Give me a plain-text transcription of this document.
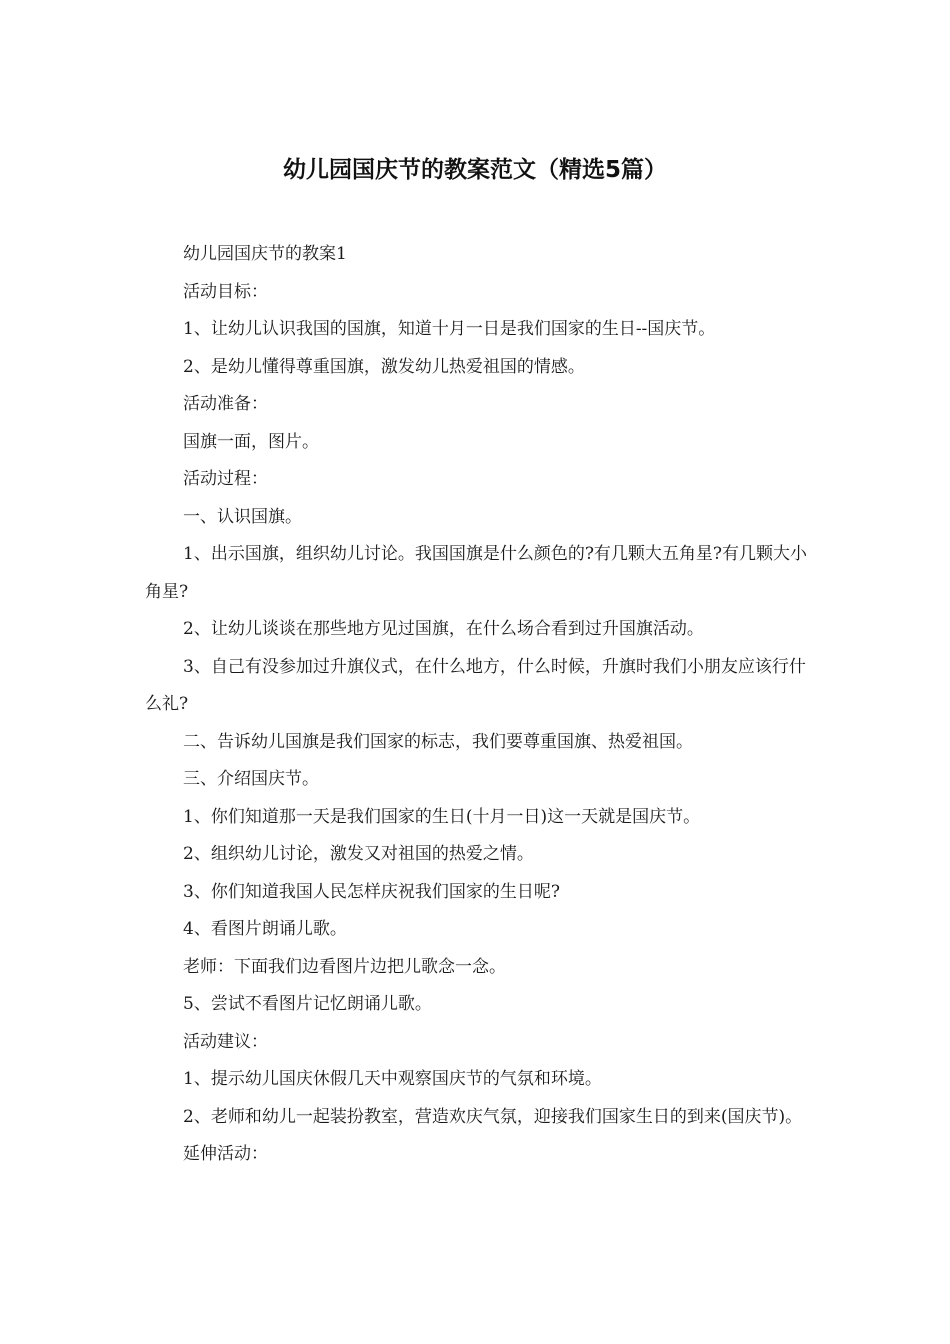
幼儿园国庆节的教案范文（精选5篇）

幼儿园国庆节的教案1

活动目标：

1、让幼儿认识我国的国旗，知道十月一日是我们国家的生日--国庆节。

2、是幼儿懂得尊重国旗，激发幼儿热爱祖国的情感。

活动准备：

国旗一面，图片。

活动过程：

一、认识国旗。

1、出示国旗，组织幼儿讨论。我国国旗是什么颜色的?有几颗大五角星?有几颗大小角星?

2、让幼儿谈谈在那些地方见过国旗，在什么场合看到过升国旗活动。

3、自己有没参加过升旗仪式，在什么地方，什么时候，升旗时我们小朋友应该行什么礼?

二、告诉幼儿国旗是我们国家的标志，我们要尊重国旗、热爱祖国。

三、介绍国庆节。

1、你们知道那一天是我们国家的生日(十月一日)这一天就是国庆节。

2、组织幼儿讨论，激发又对祖国的热爱之情。

3、你们知道我国人民怎样庆祝我们国家的生日呢?

4、看图片朗诵儿歌。

老师：下面我们边看图片边把儿歌念一念。

5、尝试不看图片记忆朗诵儿歌。

活动建议：

1、提示幼儿国庆休假几天中观察国庆节的气氛和环境。

2、老师和幼儿一起装扮教室，营造欢庆气氛，迎接我们国家生日的到来(国庆节)。

延伸活动：
